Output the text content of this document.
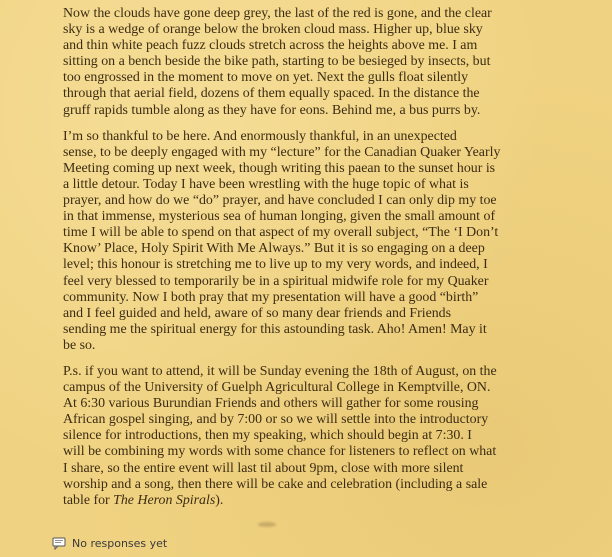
Now the clouds have gone deep grey, the last of the red is gone, and the clear
sky is a wedge of orange below the broken cloud mass. Higher up, blue sky
and thin white peach fuzz clouds stretch across the heights above me. I am
sitting on a bench beside the bike path, starting to be besieged by insects, but
too engrossed in the moment to move on yet. Next the gulls float silently
through that aerial field, dozens of them equally spaced. In the distance the
gruff rapids tumble along as they have for eons. Behind me, a bus purrs by.

I’m so thankful to be here. And enormously thankful, in an unexpected
sense, to be deeply engaged with my “lecture” for the Canadian Quaker Yearly
Meeting coming up next week, though writing this paean to the sunset hour is
a little detour. Today I have been wrestling with the huge topic of what is
prayer, and how do we “do” prayer, and have concluded I can only dip my toe
in that immense, mysterious sea of human longing, given the small amount of
time I will be able to spend on that aspect of my overall subject, “The ‘I Don’t
Know’ Place, Holy Spirit With Me Always.” But it is so engaging on a deep
level; this honour is stretching me to live up to my very words, and indeed, I
feel very blessed to temporarily be in a spiritual midwife role for my Quaker
community. Now I both pray that my presentation will have a good “birth”
and I feel guided and held, aware of so many dear friends and Friends
sending me the spiritual energy for this astounding task. Aho! Amen! May it
be so.

P.s. if you want to attend, it will be Sunday evening the 18th of August, on the
campus of the University of Guelph Agricultural College in Kemptville, ON.
At 6:30 various Burundian Friends and others will gather for some rousing
African gospel singing, and by 7:00 or so we will settle into the introductory
silence for introductions, then my speaking, which should begin at 7:30. I
will be combining my words with some chance for listeners to reflect on what
I share, so the entire event will last til about 9pm, close with more silent
worship and a song, then there will be cake and celebration (including a sale
table for The Heron Spirals).

No responses yet
